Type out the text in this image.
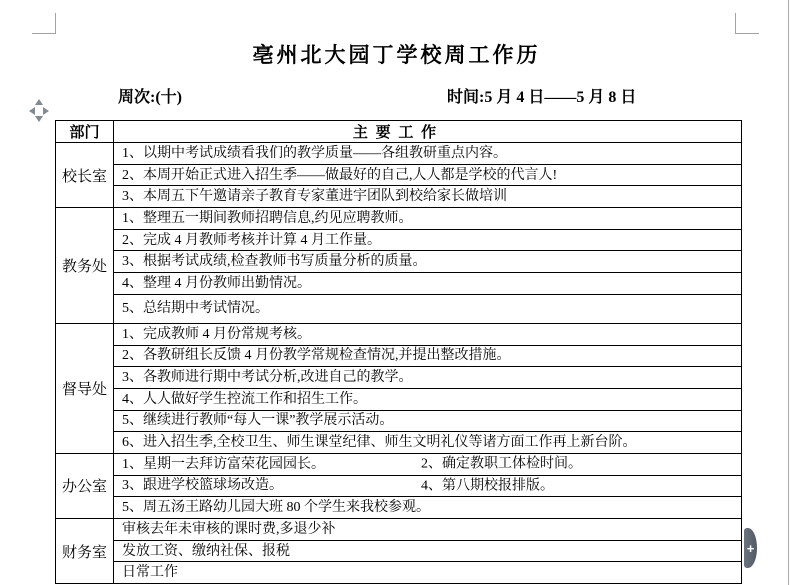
亳州北大园丁学校周工作历
周次:(十)	时间:5 月 4 日——5 月 8 日
部门	主 要 工 作
校长室	1、以期中考试成绩看我们的教学质量——各组教研重点内容。
	2、本周开始正式进入招生季——做最好的自己,人人都是学校的代言人!
	3、本周五下午邀请亲子教育专家董进宇团队到校给家长做培训
教务处	1、整理五一期间教师招聘信息,约见应聘教师。
	2、完成 4 月教师考核并计算 4 月工作量。
	3、根据考试成绩,检查教师书写质量分析的质量。
	4、整理 4 月份教师出勤情况。
	5、总结期中考试情况。
督导处	1、完成教师 4 月份常规考核。
	2、各教研组长反馈 4 月份教学常规检查情况,并提出整改措施。
	3、各教师进行期中考试分析,改进自己的教学。
	4、人人做好学生控流工作和招生工作。
	5、继续进行教师“每人一课”教学展示活动。
	6、进入招生季,全校卫生、师生课堂纪律、师生文明礼仪等诸方面工作再上新台阶。
办公室	1、星期一去拜访富荣花园园长。 2、确定教职工体检时间。

	3、跟进学校篮球场改造。 4、第八期校报排版。

	5、周五汤王路幼儿园大班 80 个学生来我校参观。
财务室	审核去年未审核的课时费,多退少补
	发放工资、缴纳社保、报税
	日常工作
+
